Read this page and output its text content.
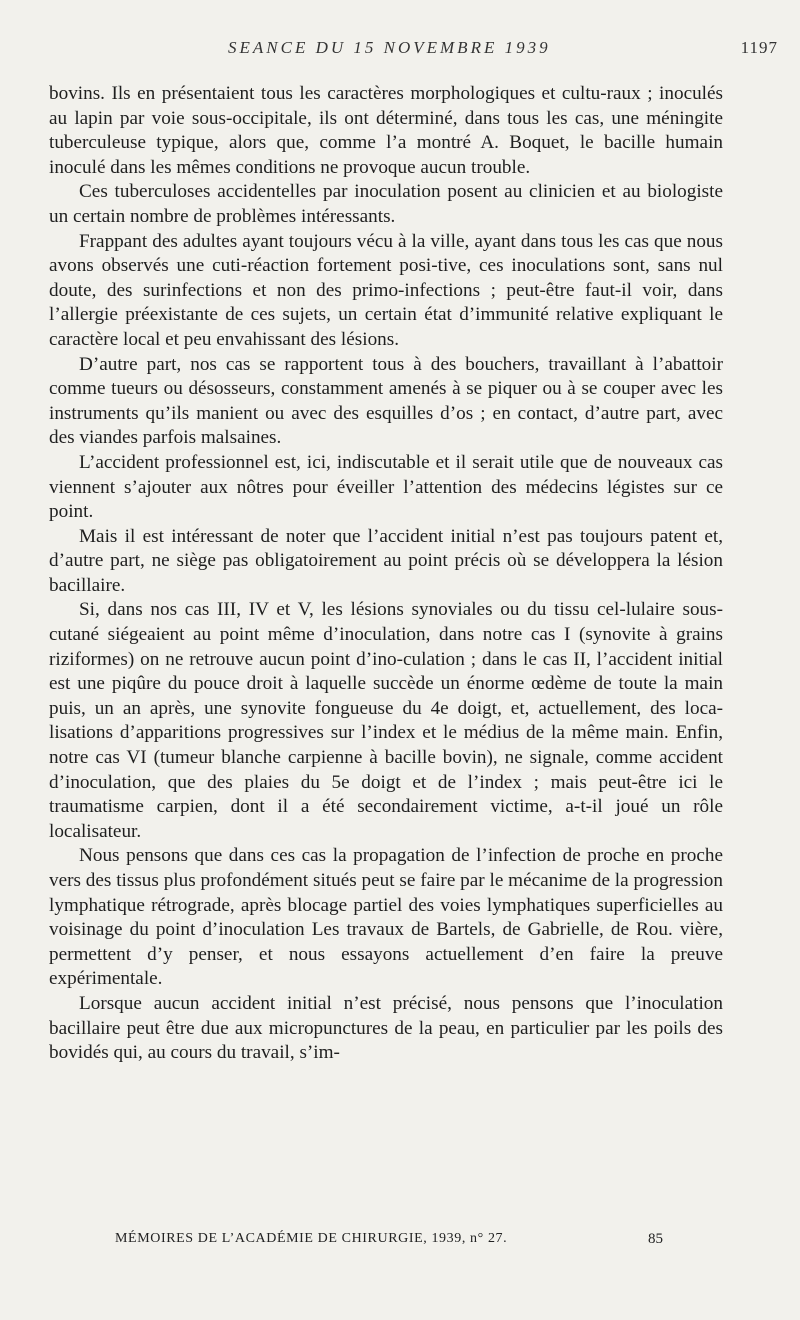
SEANCE DU 15 NOVEMBRE 1939	1197

bovins. Ils en présentaient tous les caractères morphologiques et cultu-raux ; inoculés au lapin par voie sous-occipitale, ils ont déterminé, dans tous les cas, une méningite tuberculeuse typique, alors que, comme l’a montré A. Boquet, le bacille humain inoculé dans les mêmes conditions ne provoque aucun trouble.

Ces tuberculoses accidentelles par inoculation posent au clinicien et au biologiste un certain nombre de problèmes intéressants.

Frappant des adultes ayant toujours vécu à la ville, ayant dans tous les cas que nous avons observés une cuti-réaction fortement posi-tive, ces inoculations sont, sans nul doute, des surinfections et non des primo-infections ; peut-être faut-il voir, dans l’allergie préexistante de ces sujets, un certain état d’immunité relative expliquant le caractère local et peu envahissant des lésions.

D’autre part, nos cas se rapportent tous à des bouchers, travaillant à l’abattoir comme tueurs ou désosseurs, constamment amenés à se piquer ou à se couper avec les instruments qu’ils manient ou avec des esquilles d’os ; en contact, d’autre part, avec des viandes parfois malsaines.

L’accident professionnel est, ici, indiscutable et il serait utile que de nouveaux cas viennent s’ajouter aux nôtres pour éveiller l’attention des médecins légistes sur ce point.

Mais il est intéressant de noter que l’accident initial n’est pas toujours patent et, d’autre part, ne siège pas obligatoirement au point précis où se développera la lésion bacillaire.

Si, dans nos cas III, IV et V, les lésions synoviales ou du tissu cel-lulaire sous-cutané siégeaient au point même d’inoculation, dans notre cas I (synovite à grains riziformes) on ne retrouve aucun point d’ino-culation ; dans le cas II, l’accident initial est une piqûre du pouce droit à laquelle succède un énorme œdème de toute la main puis, un an après, une synovite fongueuse du 4e doigt, et, actuellement, des loca-lisations d’apparitions progressives sur l’index et le médius de la même main. Enfin, notre cas VI (tumeur blanche carpienne à bacille bovin), ne signale, comme accident d’inoculation, que des plaies du 5e doigt et de l’index ; mais peut-être ici le traumatisme carpien, dont il a été secondairement victime, a-t-il joué un rôle localisateur.

Nous pensons que dans ces cas la propagation de l’infection de proche en proche vers des tissus plus profondément situés peut se faire par le mécanime de la progression lymphatique rétrograde, après blocage partiel des voies lymphatiques superficielles au voisinage du point d’inoculation Les travaux de Bartels, de Gabrielle, de Rou. vière, permettent d’y penser, et nous essayons actuellement d’en faire la preuve expérimentale.

Lorsque aucun accident initial n’est précisé, nous pensons que l’inoculation bacillaire peut être due aux micropunctures de la peau, en particulier par les poils des bovidés qui, au cours du travail, s’im-

MÉMOIRES DE L’ACADÉMIE DE CHIRURGIE, 1939, n° 27.	85
